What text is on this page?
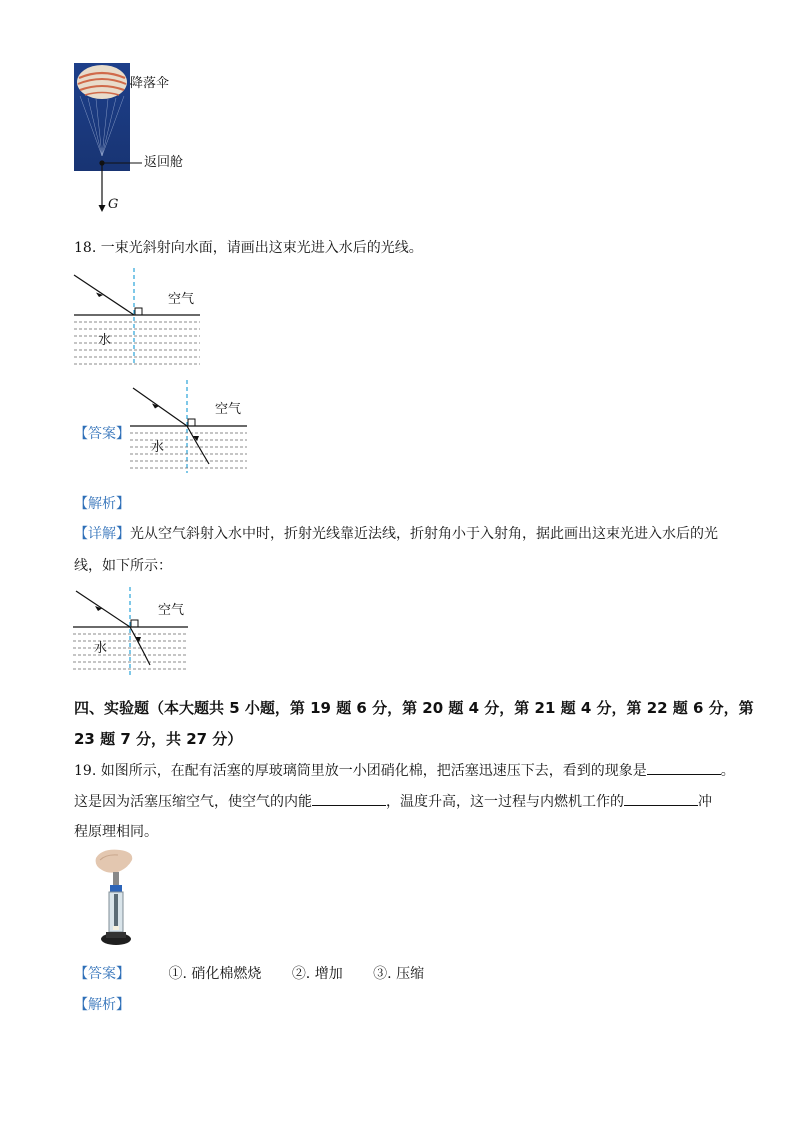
降落伞
返回舱
G
18. 一束光斜射向水面，请画出这束光进入水后的光线。
空气
水
【答案】
空气
水
【解析】
【详解】光从空气斜射入水中时，折射光线靠近法线，折射角小于入射角，据此画出这束光进入水后的光
线，如下所示：
空气
水
四、实验题（本大题共 5 小题，第 19 题 6 分，第 20 题 4 分，第 21 题 4 分，第 22 题 6 分，第
23 题 7 分，共 27 分）
19. 如图所示，在配有活塞的厚玻璃筒里放一小团硝化棉，把活塞迅速压下去，看到的现象是	。
这是因为活塞压缩空气，使空气的内能	，温度升高，这一过程与内燃机工作的	冲
程原理相同。
【答案】	①. 硝化棉燃烧 ②. 增加 ③. 压缩
【解析】
